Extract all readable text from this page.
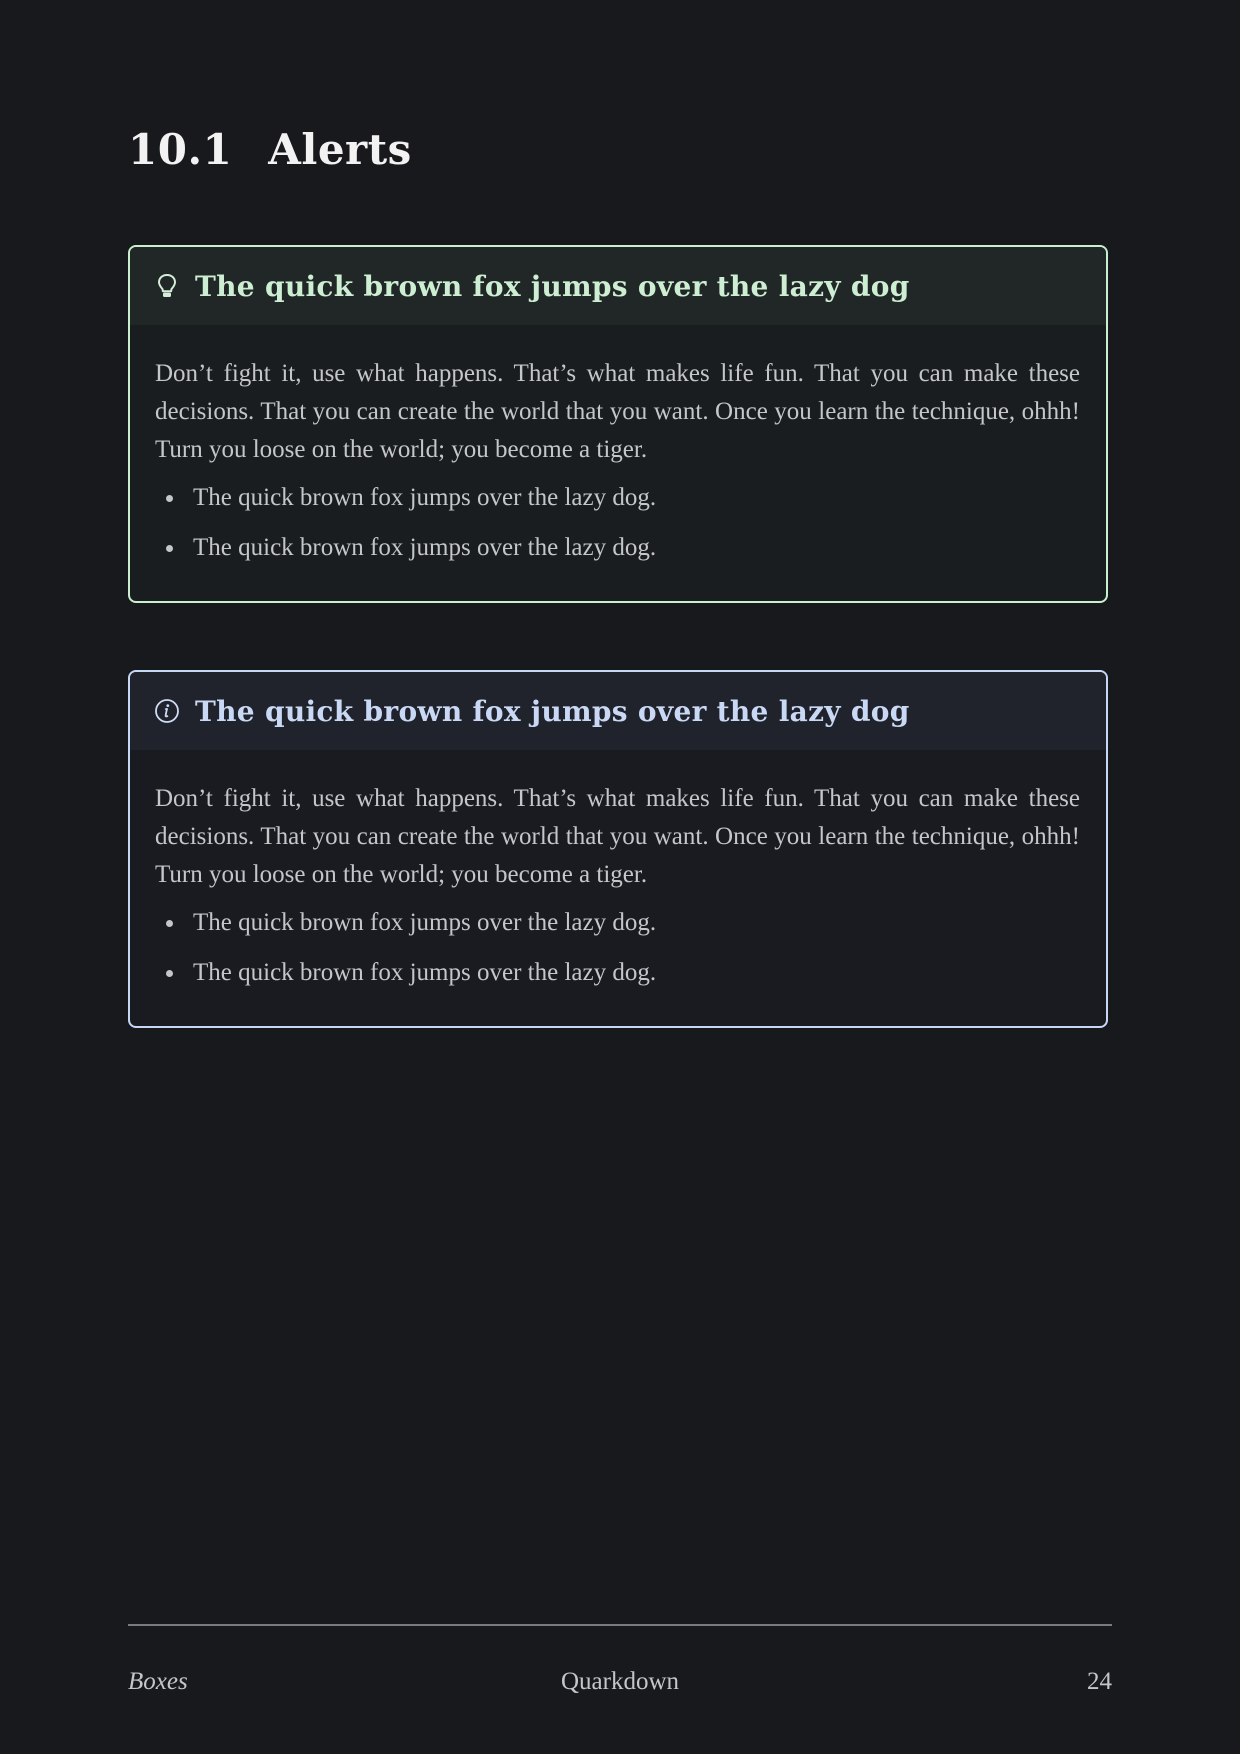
10.1 Alerts
The quick brown fox jumps over the lazy dog

Don’t fight it, use what happens. That’s what makes life fun. That you can make these decisions. That you can create the world that you want. Once you learn the technique, ohhh! Turn you loose on the world; you become a tiger.

The quick brown fox jumps over the lazy dog.
The quick brown fox jumps over the lazy dog.
The quick brown fox jumps over the lazy dog

Don’t fight it, use what happens. That’s what makes life fun. That you can make these decisions. That you can create the world that you want. Once you learn the technique, ohhh! Turn you loose on the world; you become a tiger.

The quick brown fox jumps over the lazy dog.
The quick brown fox jumps over the lazy dog.
Quarkdown
Boxes	24
